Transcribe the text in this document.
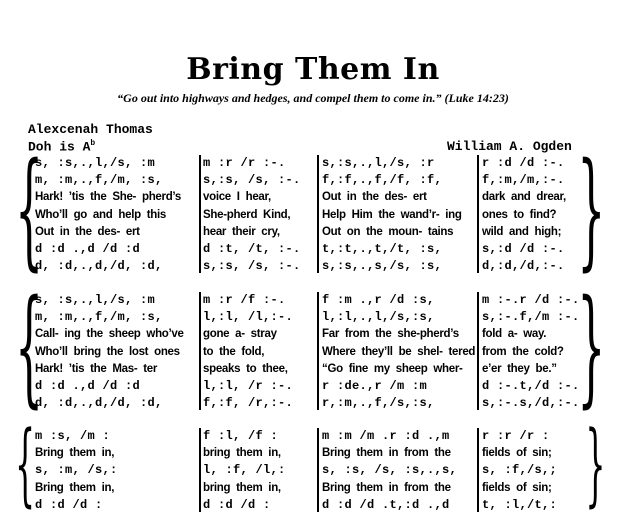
Bring Them In
“Go out into highways and hedges, and compel them to come in.” (Luke 14:23)
Alexcenah Thomas
Doh is $A^b$	William A. Ogden
{	}
s, :s,.,l,/s, :m	m :r /r :-.	s,:s,.,l,/s, :r	r :d /d :-.
m, :m,.,f,/m, :s,	s,:s, /s, :-.	f,:f,.,f,/f, :f,	f,:m,/m,:-.
Hark! ’tis the She- pherd’s	voice I hear,	Out in the des- ert	dark and drear,
Who’ll go and help this	She-pherd Kind,	Help Him the wand’r- ing	ones to find?
Out in the des- ert	hear their cry,	Out on the moun- tains	wild and high;
d :d .,d /d :d	d :t, /t, :-.	t,:t,.,t,/t, :s,	s,:d /d :-.
d, :d,.,d,/d, :d,	s,:s, /s, :-.	s,:s,.,s,/s, :s,	d,:d,/d,:-.
{	}
s, :s,.,l,/s, :m	m :r /f :-.	f :m .,r /d :s,	m :-.r /d :-.
m, :m,.,f,/m, :s,	l,:l, /l,:-.	l,:l,.,l,/s,:s,	s,:-.f,/m :-.
Call- ing the sheep who’ve	gone a- stray	Far from the she-pherd’s	fold a- way.
Who’ll bring the lost ones	to the fold,	Where they’ll be shel- tered from the cold?
Hark! ’tis the Mas- ter	speaks to thee,	“Go fine my sheep wher-	e’er they be.”
d :d .,d /d :d	l,:l, /r :-.	r :de.,r /m :m	d :-.t,/d :-.
d, :d,.,d,/d, :d,	f,:f, /r,:-.	r,:m,.,f,/s,:s,	s,:-.s,/d,:-.
{	}
m :s, /m :	f :l, /f :	m :m /m .r :d .,m	r :r /r :
Bring them in,	bring them in,	Bring them in from the	fields of sin;
s, :m, /s,:	l, :f, /l,:	s, :s, /s, :s,.,s,	s, :f,/s,;
Bring them in,	bring them in,	Bring them in from the	fields of sin;
d :d /d :	d :d /d :	d :d /d .t,:d .,d	t, :l,/t,:
